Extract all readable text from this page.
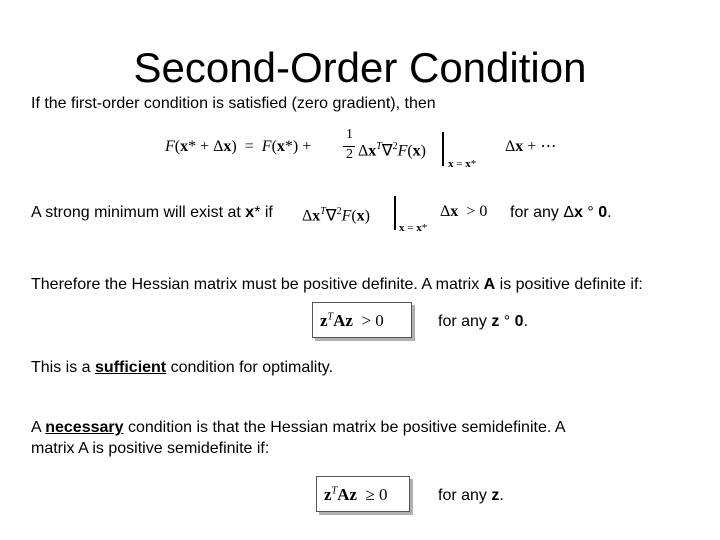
Second-Order Condition
If the first-order condition is satisfied (zero gradient), then
F(x* + Δx)  =  F(x*) +
1
2 $\Delta x^T\nabla^2F(x)$
x = x*
Δx + ⋯
A strong minimum will exist at x* if $\Delta x^T\nabla^2F(x)$
x = x*
Δx  > 0 for any Δx ° 0.
Therefore the Hessian matrix must be positive definite. A matrix A is positive definite if:
$z^TAz > 0$	for any z ° 0.
This is a sufficient condition for optimality.
A necessary condition is that the Hessian matrix be positive semidefinite. A
matrix A is positive semidefinite if:
$z^TAz \ge 0$	for any z.
